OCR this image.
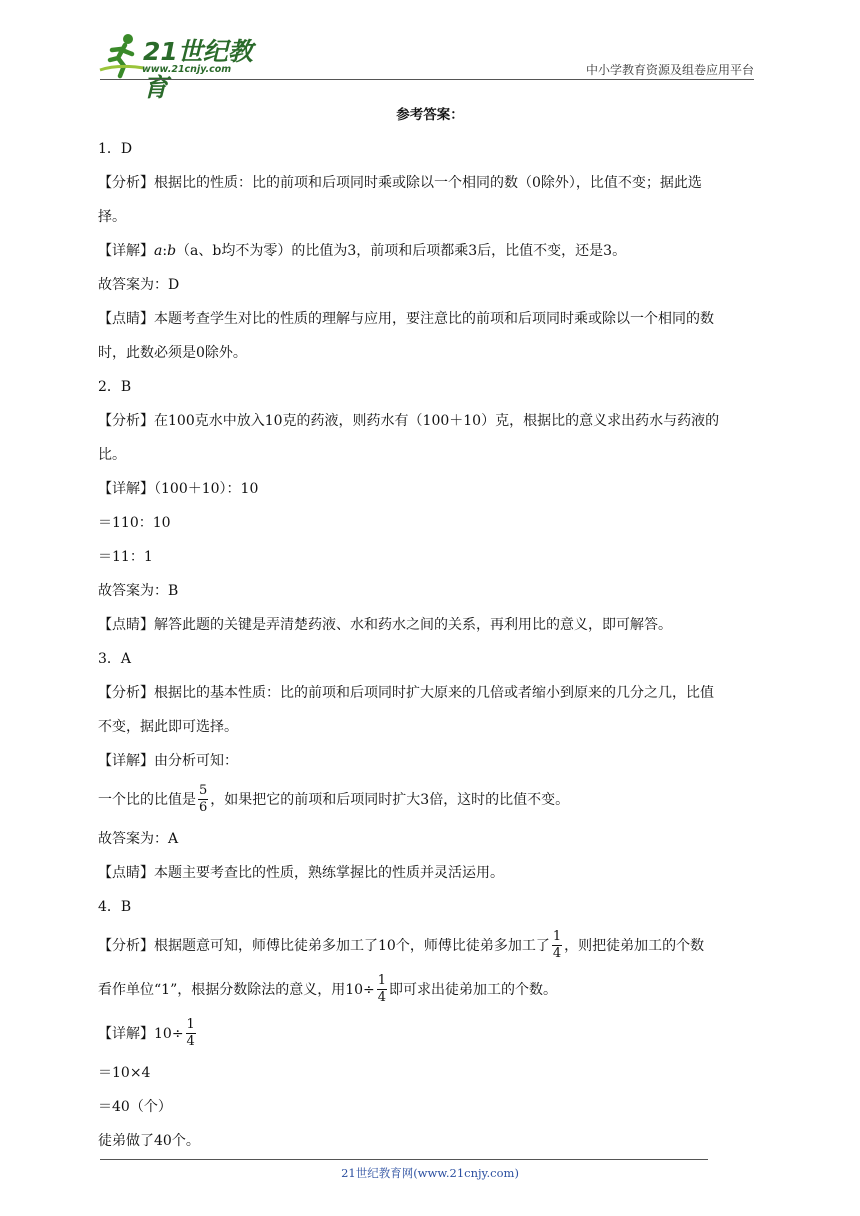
21世纪教育
www.21cnjy.com	中小学教育资源及组卷应用平台
参考答案：

1．D

【分析】根据比的性质：比的前项和后项同时乘或除以一个相同的数（0除外），比值不变；据此选

择。

【详解】a:b（a、b均不为零）的比值为3，前项和后项都乘3后，比值不变，还是3。

故答案为：D

【点睛】本题考查学生对比的性质的理解与应用，要注意比的前项和后项同时乘或除以一个相同的数

时，此数必须是0除外。

2．B

【分析】在100克水中放入10克的药液，则药水有（100＋10）克，根据比的意义求出药水与药液的

比。

【详解】（100＋10）：10

＝110：10

＝11：1

故答案为：B

【点睛】解答此题的关键是弄清楚药液、水和药水之间的关系，再利用比的意义，即可解答。

3．A

【分析】根据比的基本性质：比的前项和后项同时扩大原来的几倍或者缩小到原来的几分之几，比值

不变，据此即可选择。

【详解】由分析可知：

一个比的比值是 $\frac{5}{6}$ ，如果把它的前项和后项同时扩大3倍，这时的比值不变。

故答案为：A

【点睛】本题主要考查比的性质，熟练掌握比的性质并灵活运用。

4．B

【分析】根据题意可知，师傅比徒弟多加工了10个，师傅比徒弟多加工了 $\frac{1}{4}$ ，则把徒弟加工的个数

看作单位“1”，根据分数除法的意义，用$10\div \frac{1}{4}$ 即可求出徒弟加工的个数。

【详解】$10\div \frac{1}{4}$

＝10×4

＝40（个）

徒弟做了40个。

21世纪教育网(www.21cnjy.com)
